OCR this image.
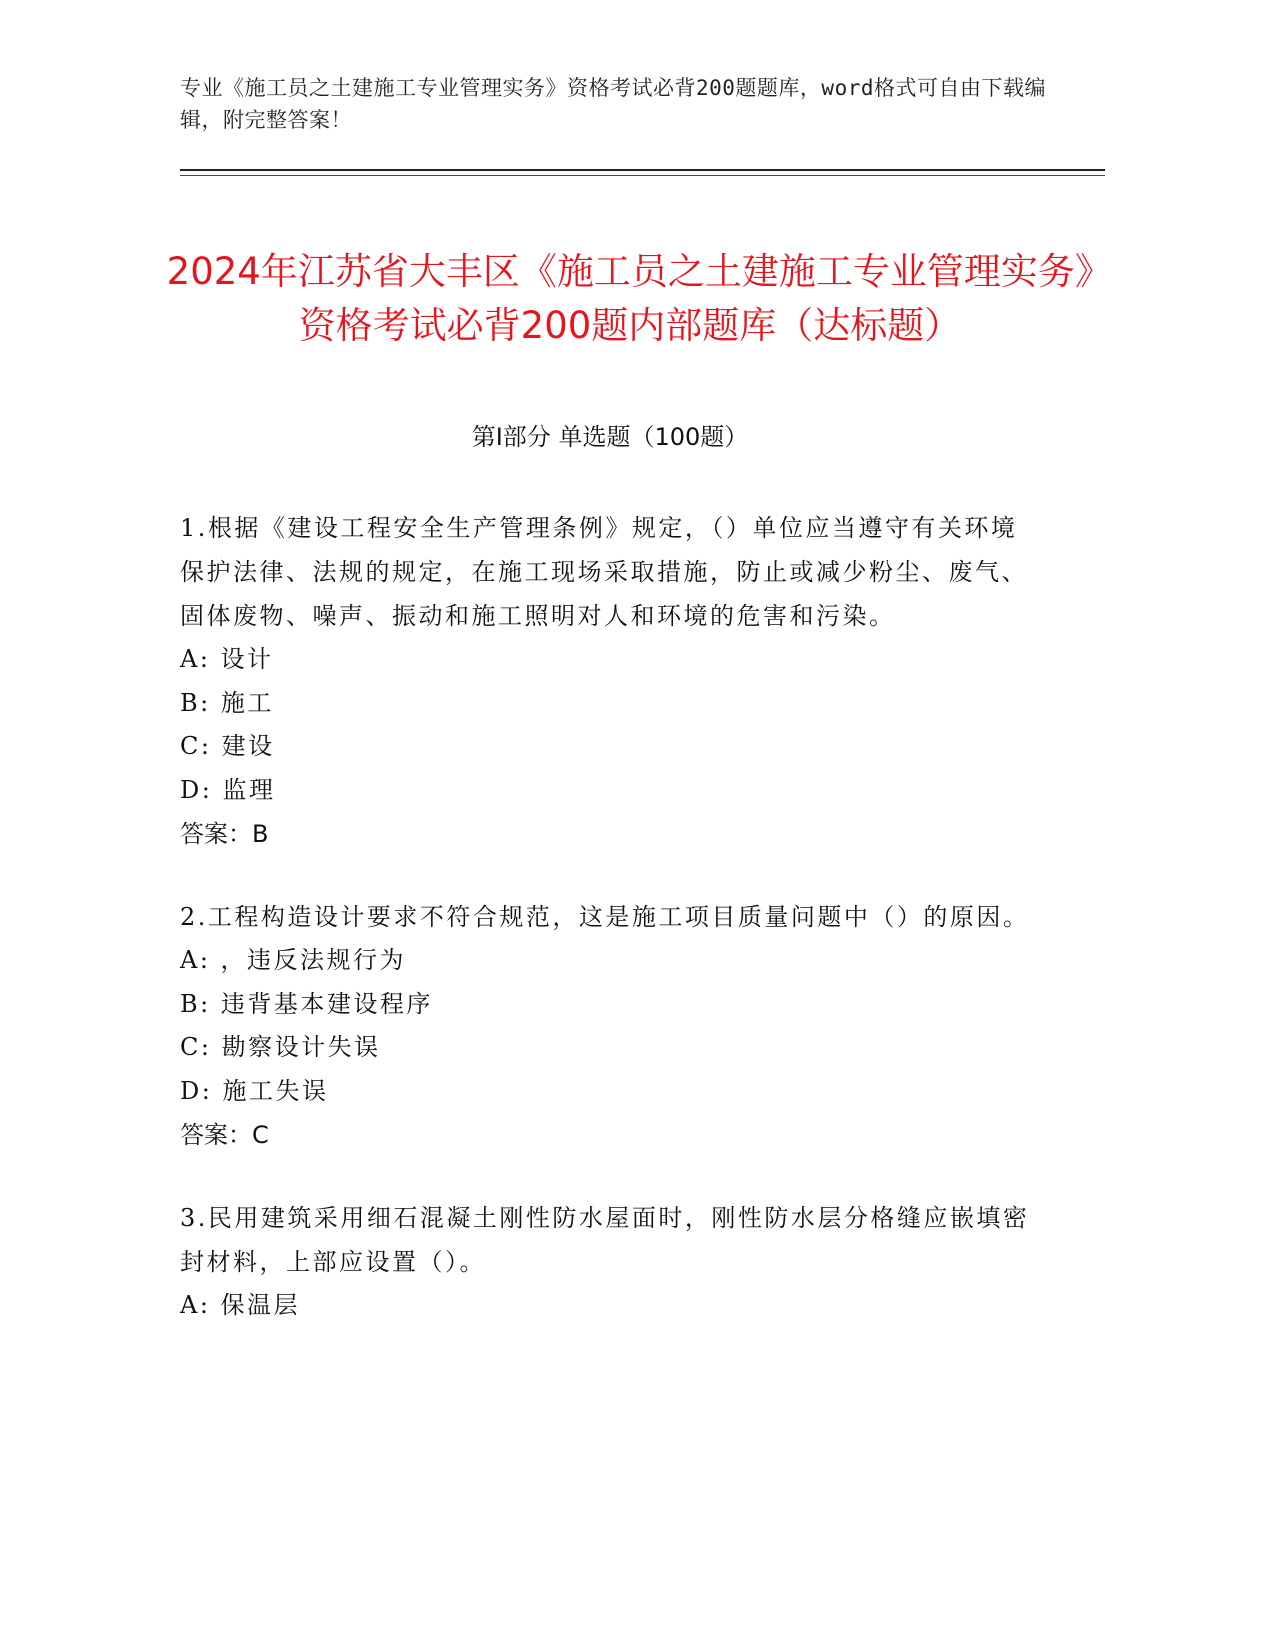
专业《施工员之土建施工专业管理实务》资格考试必背200题题库，word格式可自由下载编辑，附完整答案！
2024年江苏省大丰区《施工员之土建施工专业管理实务》资格考试必背200题内部题库（达标题）
第Ⅰ部分 单选题（100题）

1.根据《建设工程安全生产管理条例》规定，（）单位应当遵守有关环境保护法律、法规的规定，在施工现场采取措施，防止或减少粉尘、废气、固体废物、噪声、振动和施工照明对人和环境的危害和污染。

A: 设计

B: 施工

C: 建设

D: 监理

答案：B

2.工程构造设计要求不符合规范，这是施工项目质量问题中（）的原因。

A: ，违反法规行为

B: 违背基本建设程序

C: 勘察设计失误

D: 施工失误

答案：C

3.民用建筑采用细石混凝土刚性防水屋面时，刚性防水层分格缝应嵌填密封材料，上部应设置（）。

A: 保温层
